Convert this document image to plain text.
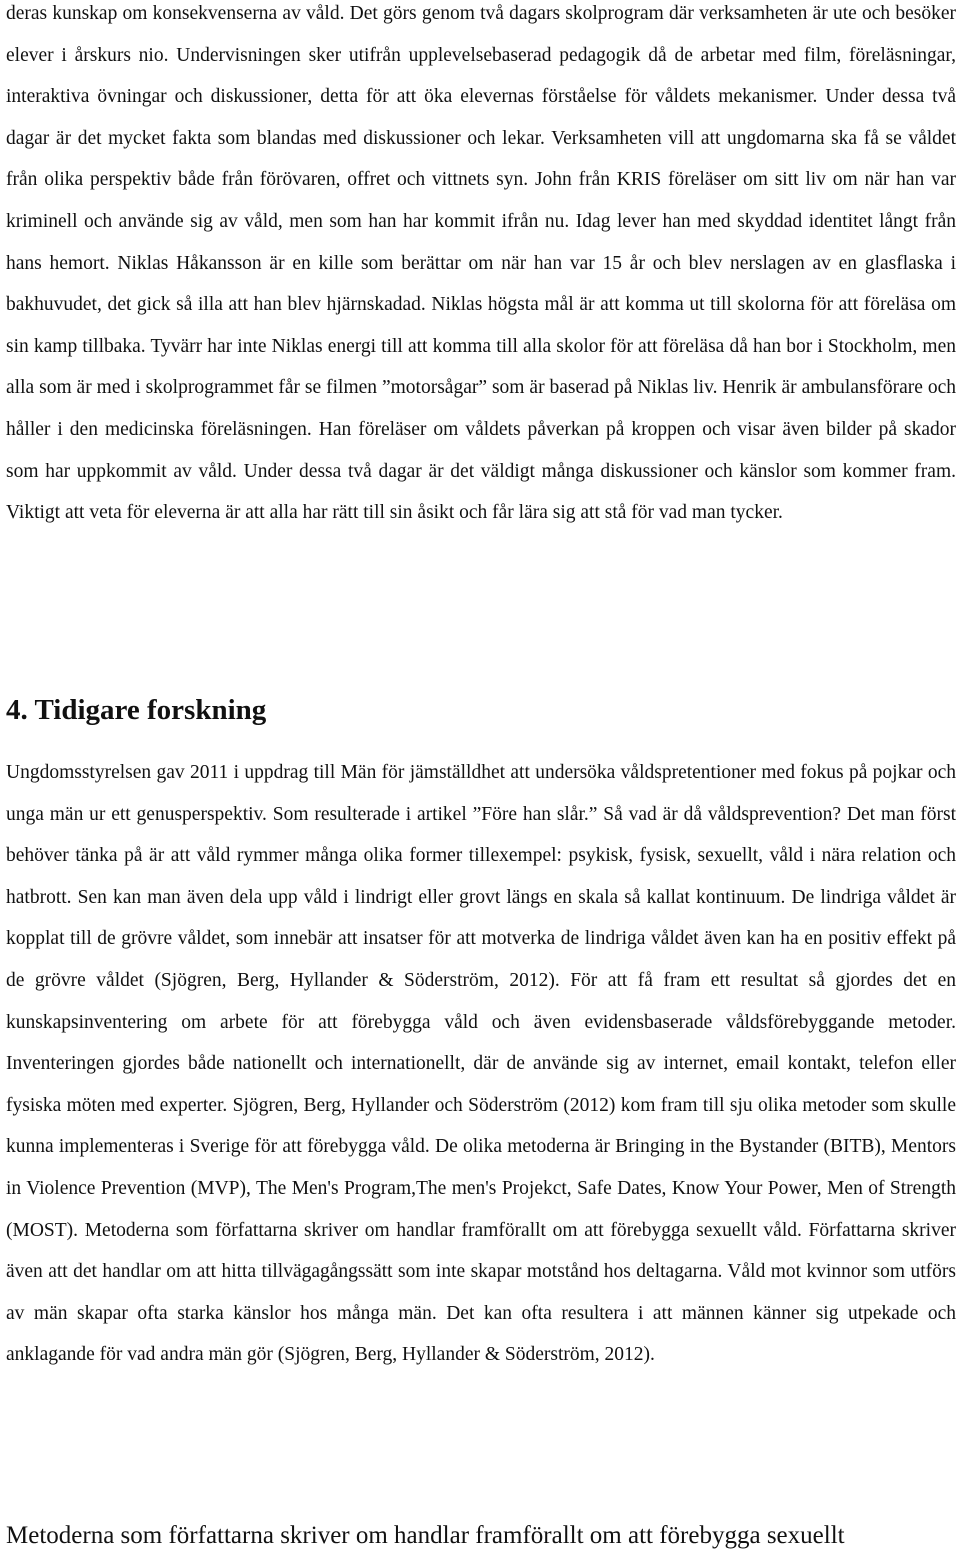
deras kunskap om konsekvenserna av våld. Det görs genom två dagars skolprogram där verksamheten är ute och besöker elever i årskurs nio. Undervisningen sker utifrån upplevelsebaserad pedagogik då de arbetar med film, föreläsningar, interaktiva övningar och diskussioner, detta för att öka elevernas förståelse för våldets mekanismer. Under dessa två dagar är det mycket fakta som blandas med diskussioner och lekar. Verksamheten vill att ungdomarna ska få se våldet från olika perspektiv både från förövaren, offret och vittnets syn. John från KRIS föreläser om sitt liv om när han var kriminell och använde sig av våld, men som han har kommit ifrån nu. Idag lever han med skyddad identitet långt från hans hemort. Niklas Håkansson är en kille som berättar om när han var 15 år och blev nerslagen av en glasflaska i bakhuvudet, det gick så illa att han blev hjärnskadad. Niklas högsta mål är att komma ut till skolorna för att föreläsa om sin kamp tillbaka. Tyvärr har inte Niklas energi till att komma till alla skolor för att föreläsa då han bor i Stockholm, men alla som är med i skolprogrammet får se filmen ”motorsågar” som är baserad på Niklas liv. Henrik är ambulansförare och håller i den medicinska föreläsningen. Han föreläser om våldets påverkan på kroppen och visar även bilder på skador som har uppkommit av våld. Under dessa två dagar är det väldigt många diskussioner och känslor som kommer fram. Viktigt att veta för eleverna är att alla har rätt till sin åsikt och får lära sig att stå för vad man tycker.

4. Tidigare forskning

Ungdomsstyrelsen gav 2011 i uppdrag till Män för jämställdhet att undersöka våldspretentioner med fokus på pojkar och unga män ur ett genusperspektiv. Som resulterade i artikel ”Före han slår.” Så vad är då våldsprevention? Det man först behöver tänka på är att våld rymmer många olika former tillexempel: psykisk, fysisk, sexuellt, våld i nära relation och hatbrott. Sen kan man även dela upp våld i lindrigt eller grovt längs en skala så kallat kontinuum. De lindriga våldet är kopplat till de grövre våldet, som innebär att insatser för att motverka de lindriga våldet även kan ha en positiv effekt på de grövre våldet (Sjögren, Berg, Hyllander & Söderström, 2012). För att få fram ett resultat så gjordes det en kunskapsinventering om arbete för att förebygga våld och även evidensbaserade våldsförebyggande metoder. Inventeringen gjordes både nationellt och internationellt, där de använde sig av internet, email kontakt, telefon eller fysiska möten med experter. Sjögren, Berg, Hyllander och Söderström (2012) kom fram till sju olika metoder som skulle kunna implementeras i Sverige för att förebygga våld. De olika metoderna är Bringing in the Bystander (BITB), Mentors in Violence Prevention (MVP), The Men's Program,The men's Projekct, Safe Dates, Know Your Power, Men of Strength (MOST). Metoderna som författarna skriver om handlar framförallt om att förebygga sexuellt våld. Författarna skriver även att det handlar om att hitta tillvägagångssätt som inte skapar motstånd hos deltagarna. Våld mot kvinnor som utförs av män skapar ofta starka känslor hos många män. Det kan ofta resultera i att männen känner sig utpekade och anklagande för vad andra män gör (Sjögren, Berg, Hyllander & Söderström, 2012).

Metoderna som författarna skriver om handlar framförallt om att förebygga sexuellt
